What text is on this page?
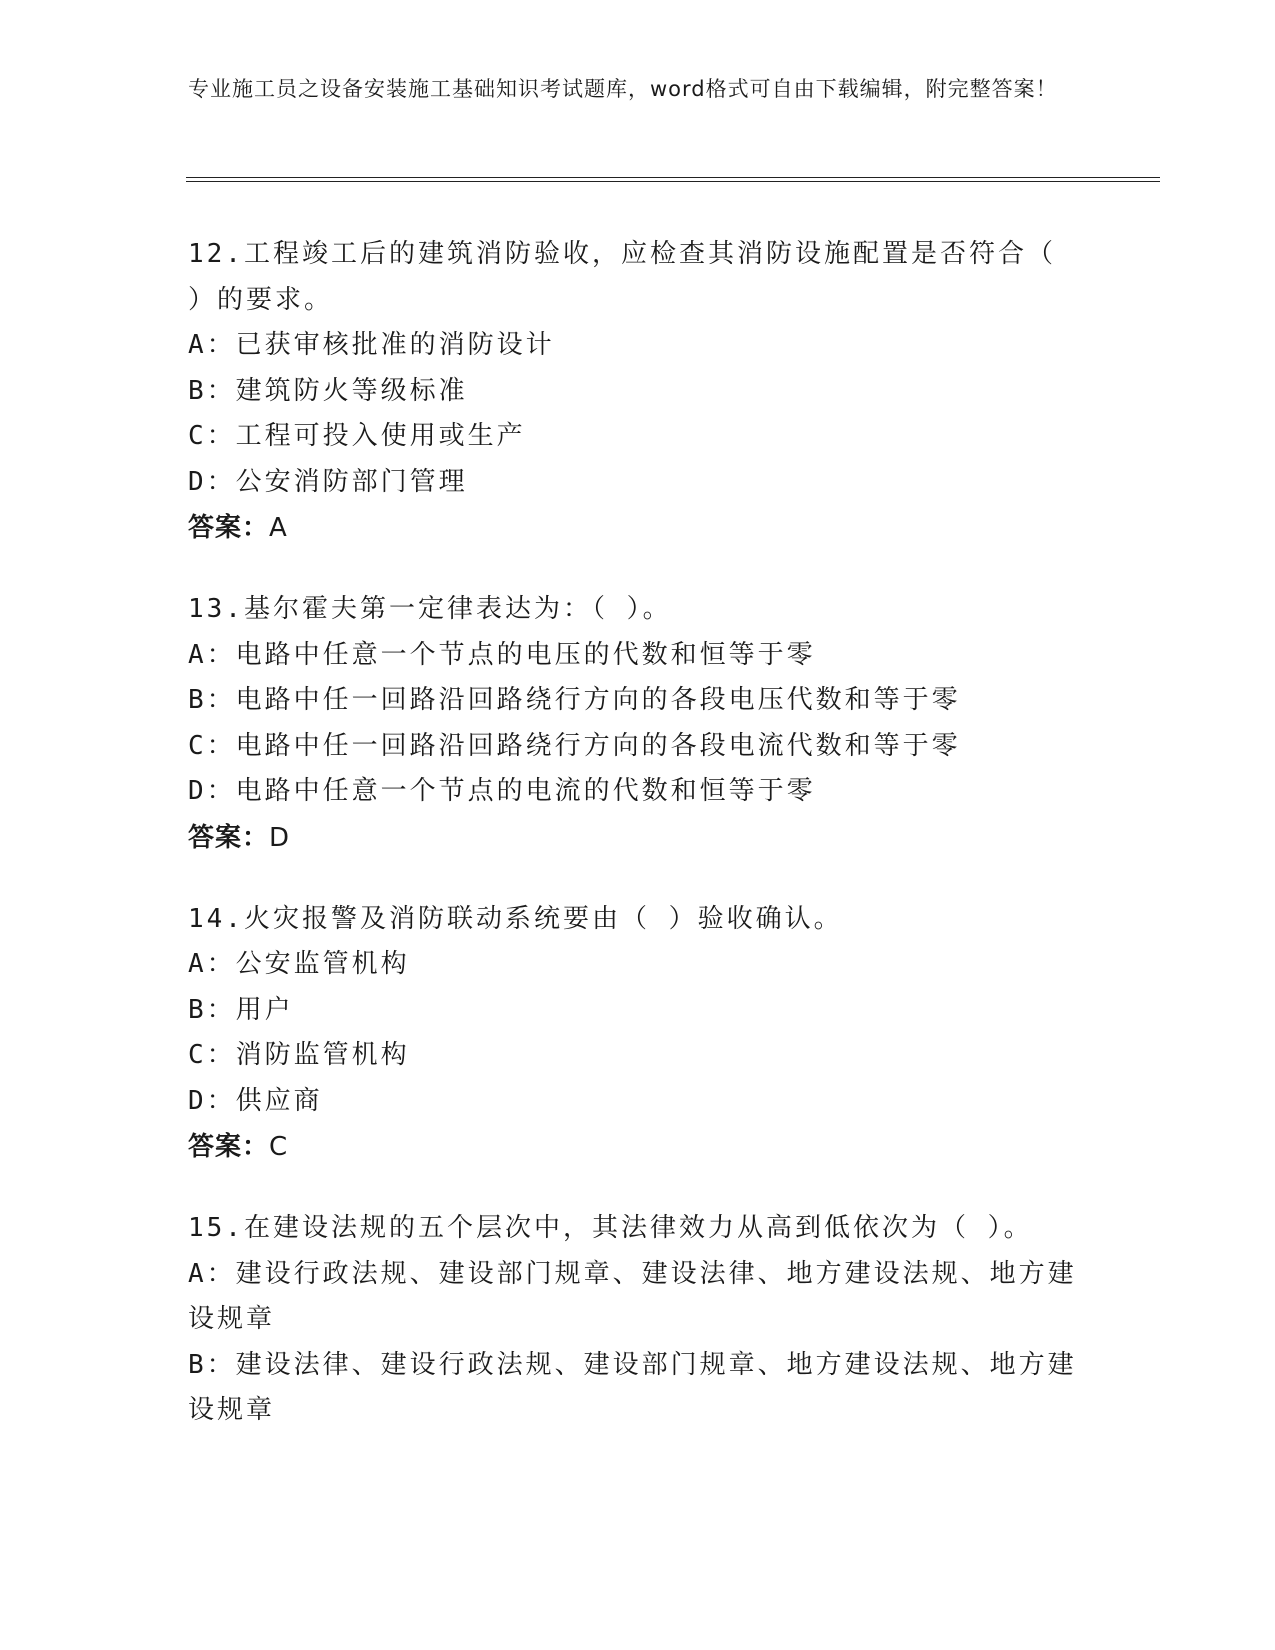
专业施工员之设备安装施工基础知识考试题库，word格式可自由下载编辑，附完整答案！

12.工程竣工后的建筑消防验收，应检查其消防设施配置是否符合（ ）的要求。

A：已获审核批准的消防设计

B：建筑防火等级标准

C：工程可投入使用或生产

D：公安消防部门管理

答案：A

13.基尔霍夫第一定律表达为：（ ）。

A：电路中任意一个节点的电压的代数和恒等于零

B：电路中任一回路沿回路绕行方向的各段电压代数和等于零

C：电路中任一回路沿回路绕行方向的各段电流代数和等于零

D：电路中任意一个节点的电流的代数和恒等于零

答案：D

14.火灾报警及消防联动系统要由（ ）验收确认。

A：公安监管机构

B：用户

C：消防监管机构

D：供应商

答案：C

15.在建设法规的五个层次中，其法律效力从高到低依次为（ ）。

A：建设行政法规、建设部门规章、建设法律、地方建设法规、地方建设规章

B：建设法律、建设行政法规、建设部门规章、地方建设法规、地方建设规章
